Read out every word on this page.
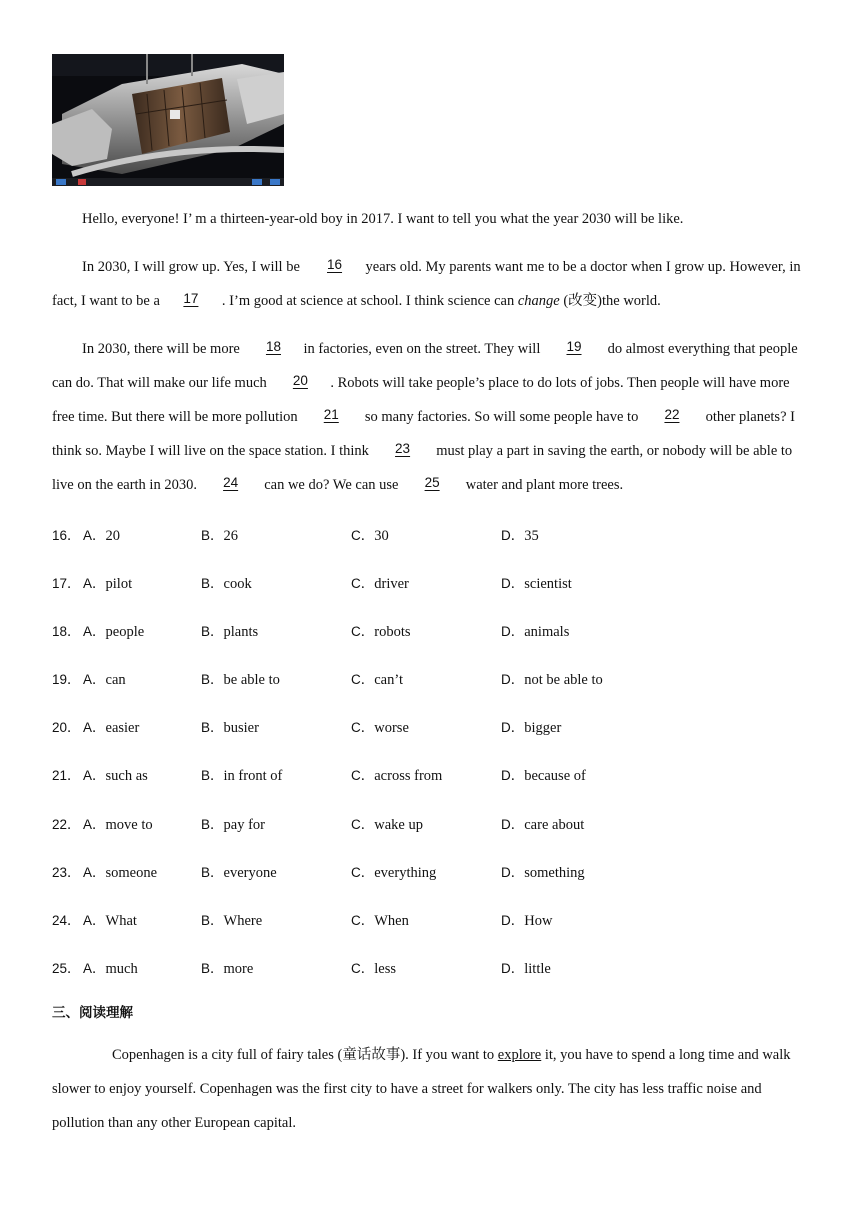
Hello, everyone! I’ m a thirteen-year-old boy in 2017. I want to tell you what the year 2030 will be like.

In 2030, I will grow up. Yes, I will be 16 years old. My parents want me to be a doctor when I grow up. However, in fact, I want to be a 17 . I’m good at science at school. I think science can change (改变)the world.

In 2030, there will be more 18 in factories, even on the street. They will 19 do almost everything that people can do. That will make our life much 20 . Robots will take people’s place to do lots of jobs. Then people will have more free time. But there will be more pollution 21 so many factories. So will some people have to 22 other planets? I think so. Maybe I will live on the space station. I think 23 must play a part in saving the earth, or nobody will be able to live on the earth in 2030. 24 can we do? We can use 25 water and plant more trees.

16． A．20	B．26	C．30	D．35
17． A．pilot	B．cook	C．driver	D．scientist
18． A．people	B．plants	C．robots	D．animals
19． A．can	B．be able to	C．can’t	D．not be able to
20． A．easier	B．busier	C．worse	D．bigger
21． A．such as	B．in front of	C．across from	D．because of
22． A．move to	B．pay for	C．wake up	D．care about
23． A．someone	B．everyone	C．everything	D．something
24． A．What	B．Where	C．When	D．How
25． A．much	B．more	C．less	D．little
三、阅读理解

Copenhagen is a city full of fairy tales (童话故事). If you want to explore it, you have to spend a long time and walk slower to enjoy yourself. Copenhagen was the first city to have a street for walkers only. The city has less traffic noise and pollution than any other European capital.
